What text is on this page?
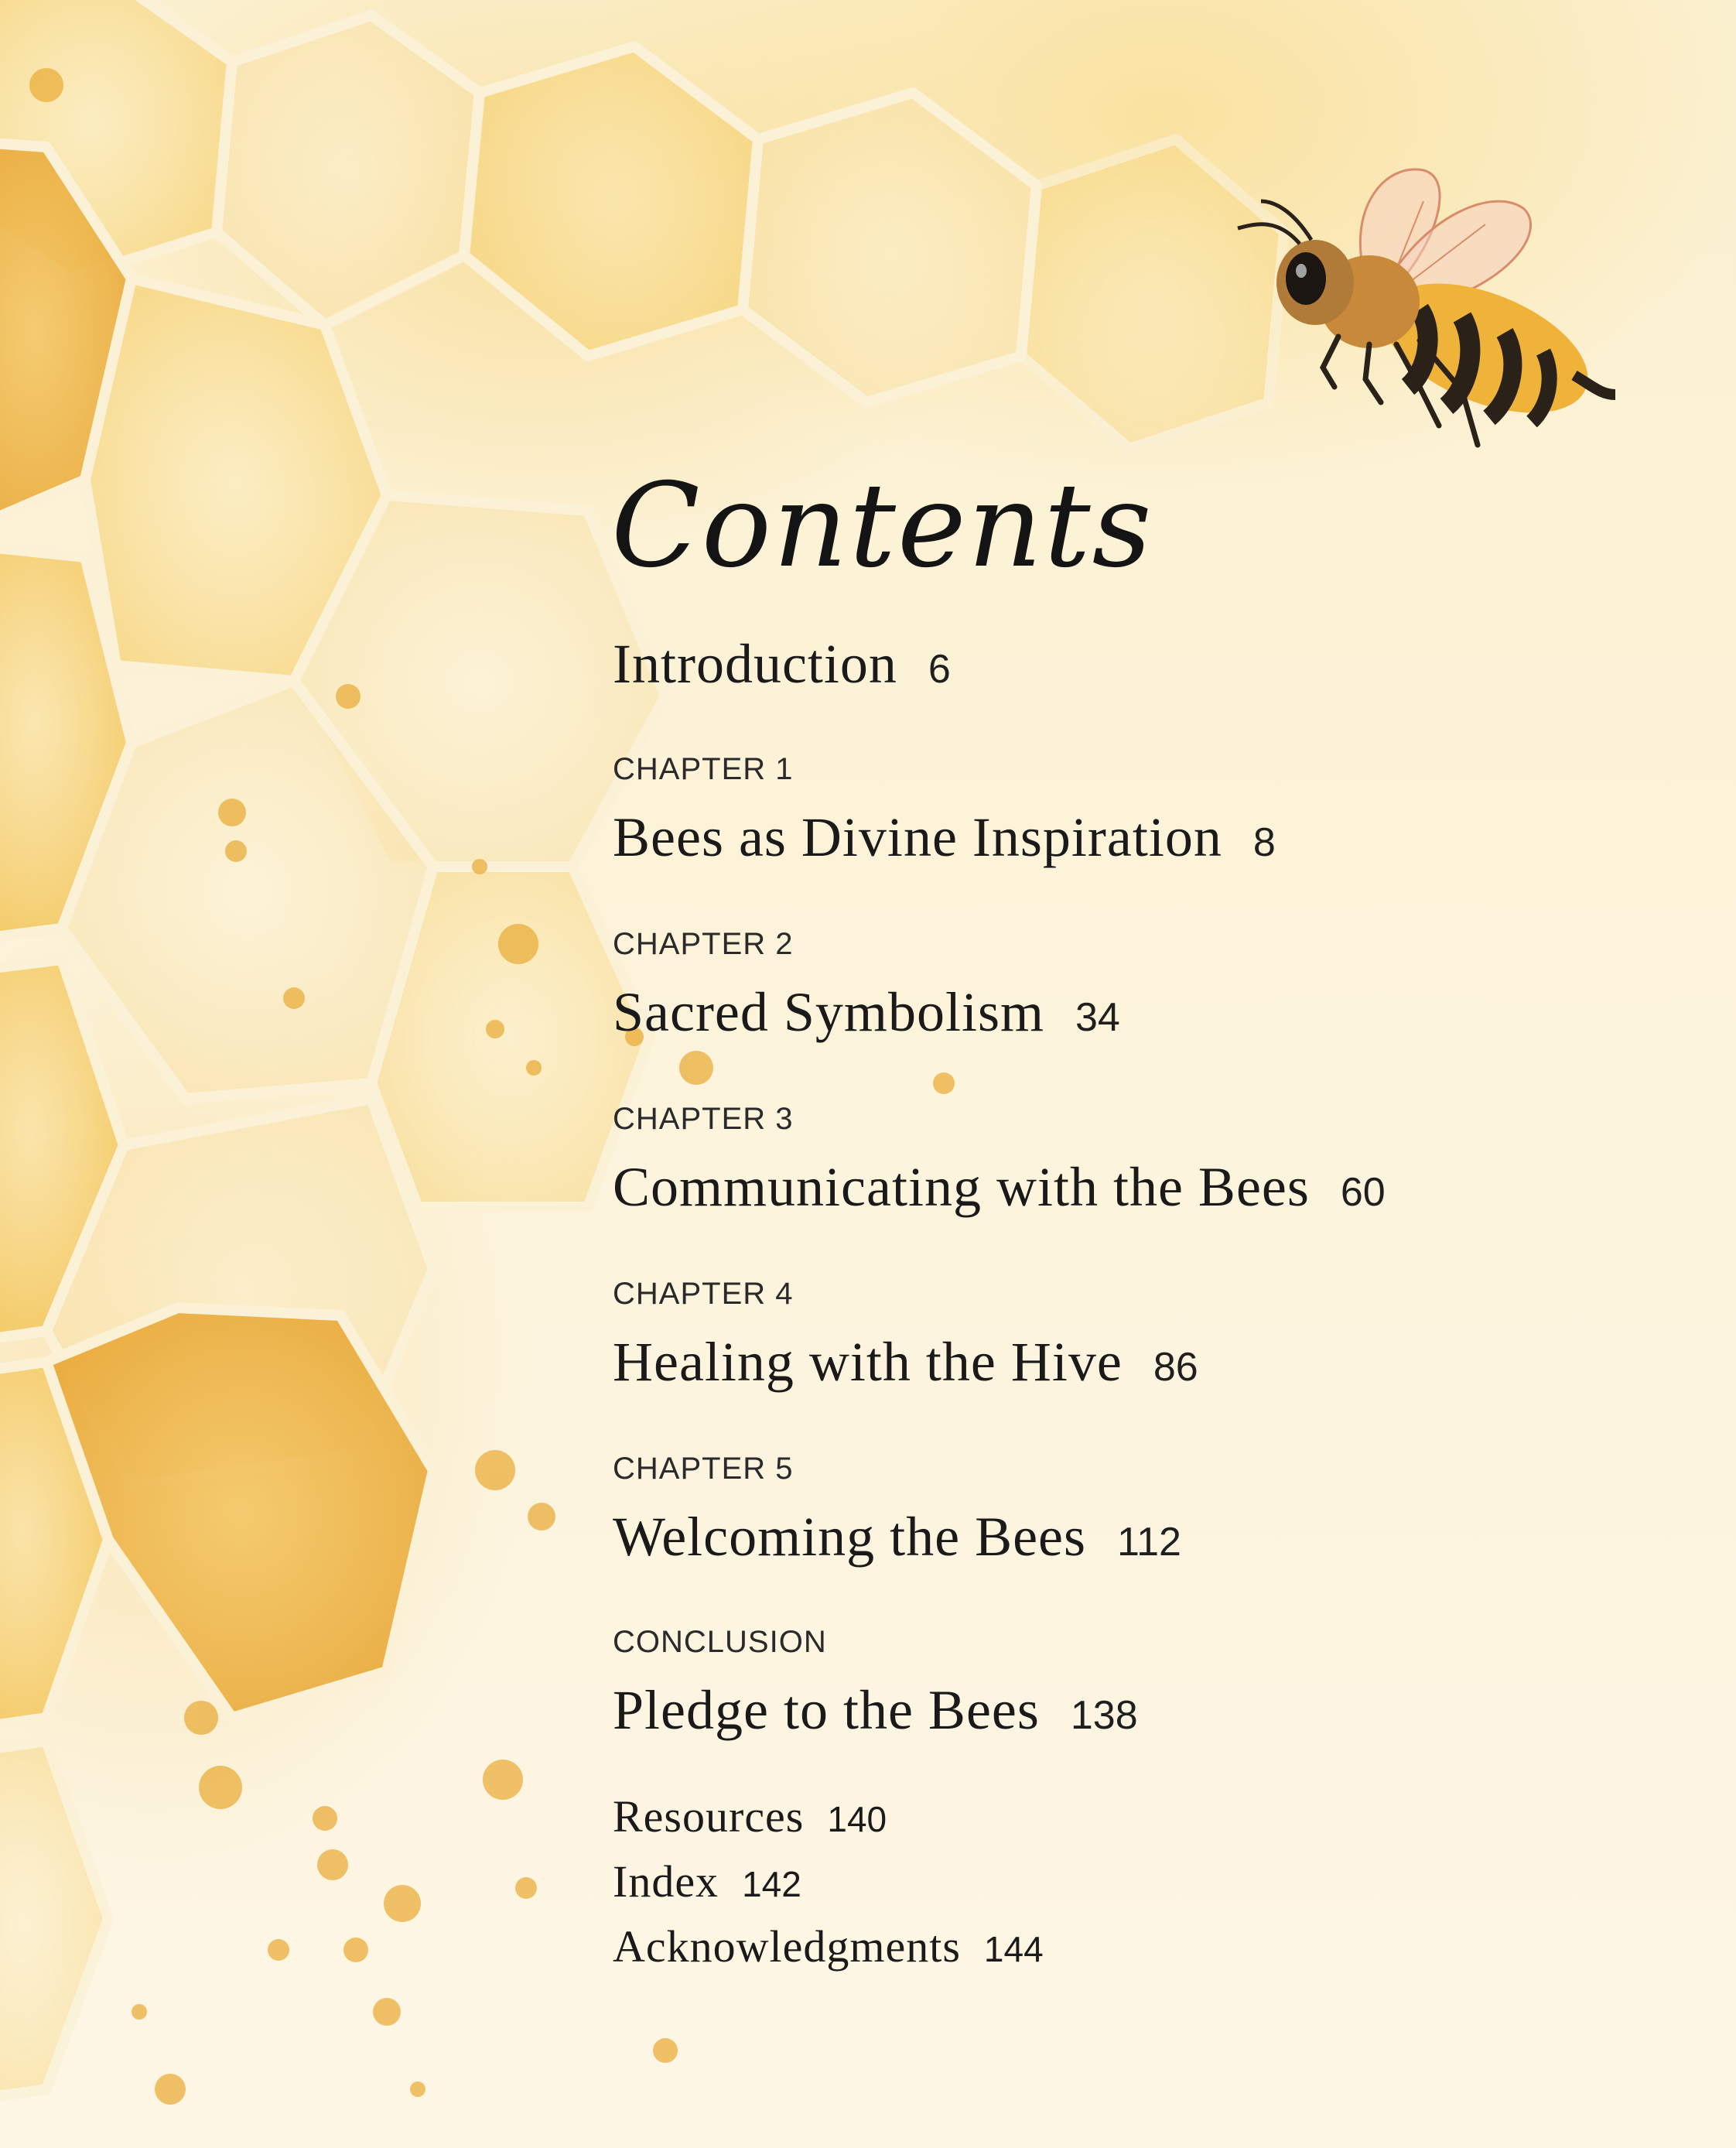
Contents
Introduction 6
CHAPTER 1
Bees as Divine Inspiration 8
CHAPTER 2
Sacred Symbolism 34
CHAPTER 3
Communicating with the Bees 60
CHAPTER 4
Healing with the Hive 86
CHAPTER 5
Welcoming the Bees 112
CONCLUSION
Pledge to the Bees 138
Resources 140
Index 142
Acknowledgments 144
